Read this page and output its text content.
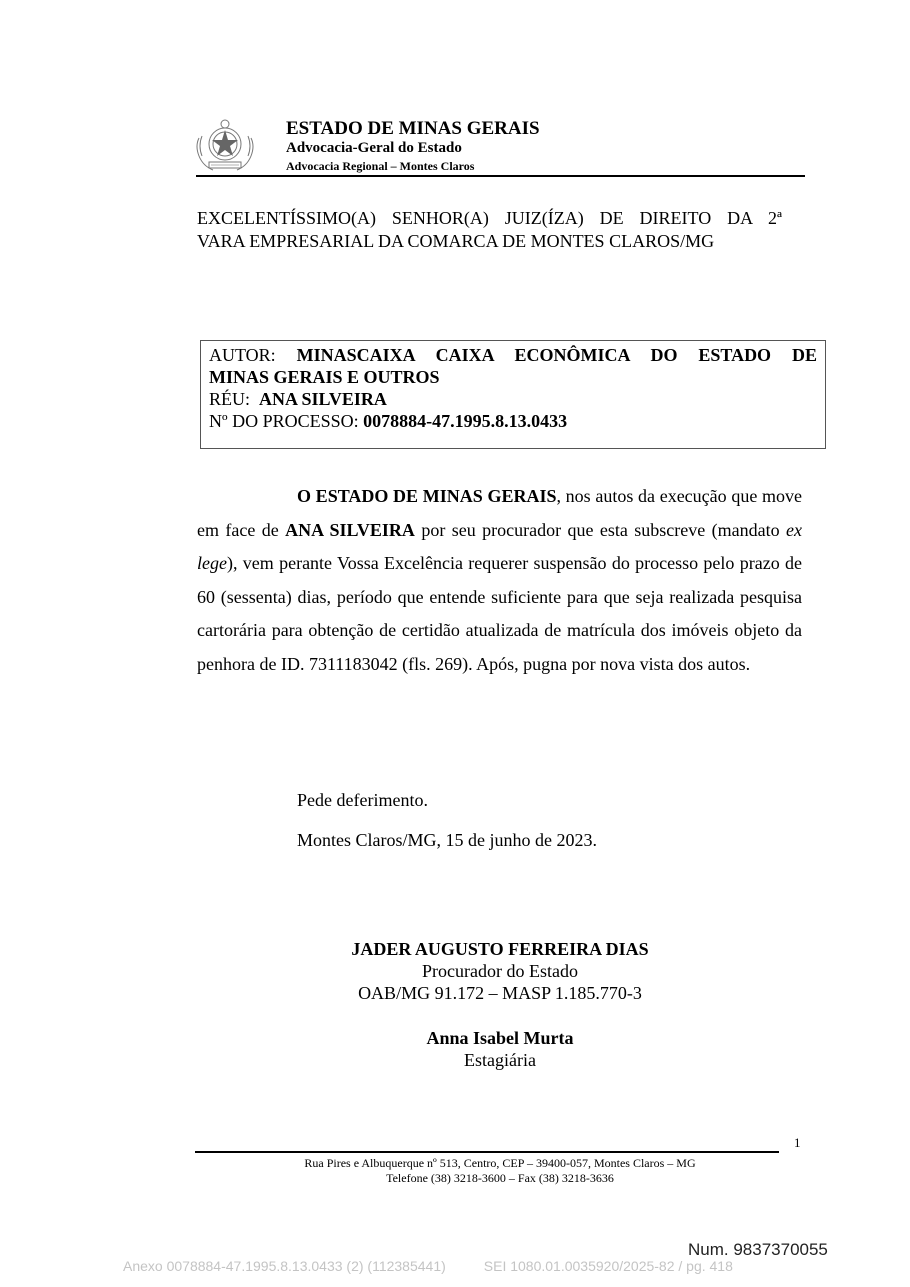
ESTADO DE MINAS GERAIS
Advocacia-Geral do Estado
Advocacia Regional – Montes Claros
EXCELENTÍSSIMO(A) SENHOR(A) JUIZ(ÍZA) DE DIREITO DA 2ª
VARA EMPRESARIAL DA COMARCA DE MONTES CLAROS/MG
AUTOR: MINASCAIXA CAIXA ECONÔMICA DO ESTADO DE
MINAS GERAIS E OUTROS
RÉU: ANA SILVEIRA
Nº DO PROCESSO: 0078884-47.1995.8.13.0433
O ESTADO DE MINAS GERAIS, nos autos da execução que move em face de ANA SILVEIRA por seu procurador que esta subscreve (mandato ex lege), vem perante Vossa Excelência requerer suspensão do processo pelo prazo de 60 (sessenta) dias, período que entende suficiente para que seja realizada pesquisa cartorária para obtenção de certidão atualizada de matrícula dos imóveis objeto da penhora de ID. 7311183042 (fls. 269). Após, pugna por nova vista dos autos.
Pede deferimento.
Montes Claros/MG, 15 de junho de 2023.
JADER AUGUSTO FERREIRA DIAS
Procurador do Estado
OAB/MG 91.172 – MASP 1.185.770-3
Anna Isabel Murta
Estagiária
1
Rua Pires e Albuquerque nº 513, Centro, CEP – 39400-057, Montes Claros – MG
Telefone (38) 3218-3600 – Fax (38) 3218-3636
Num. 9837370055
Anexo 0078884-47.1995.8.13.0433 (2) (112385441)	SEI 1080.01.0035920/2025-82 / pg. 418
